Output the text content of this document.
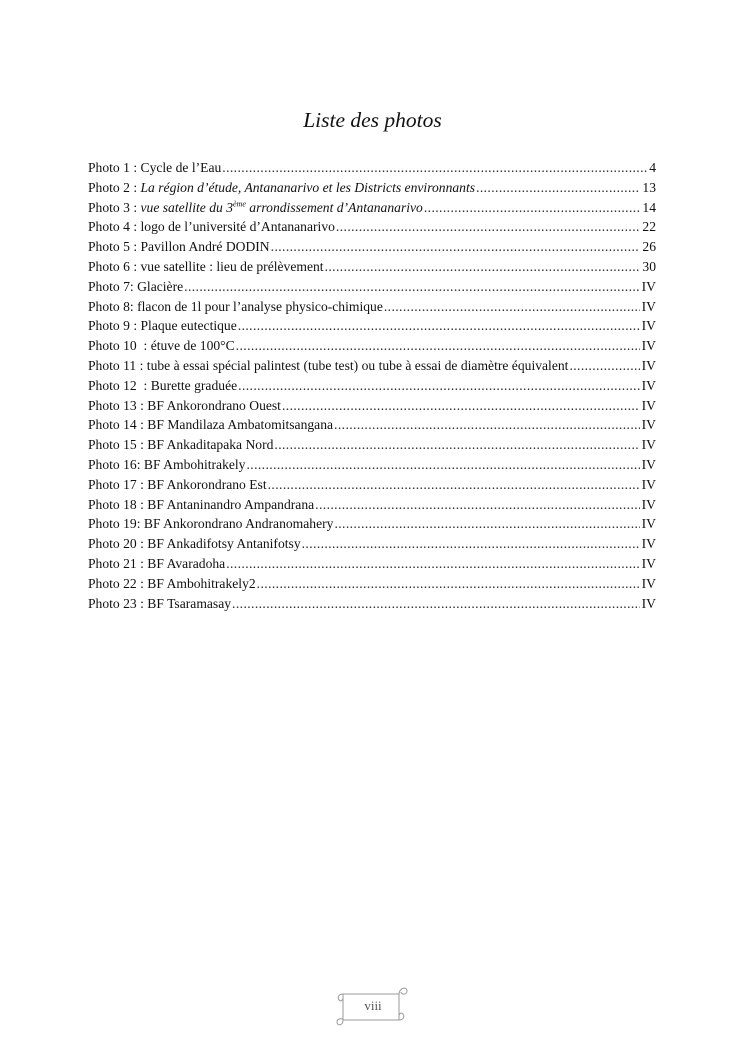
Liste des photos
Photo 1 : Cycle de l’Eau .....	4
Photo 2 : La région d’étude, Antananarivo et les Districts environnants .....	13
Photo 3 : vue satellite du 3ème arrondissement d’Antananarivo .....	14
Photo 4 : logo de l’université d’Antananarivo .....	22
Photo 5 : Pavillon André DODIN .....	26
Photo 6 : vue satellite : lieu de prélèvement .....	30
Photo 7: Glacière .....	IV
Photo 8: flacon de 1l pour l’analyse physico-chimique .....	IV
Photo 9 : Plaque eutectique .....	IV
Photo 10  : étuve de 100°C .....	IV
Photo 11 : tube à essai spécial palintest (tube test) ou tube à essai de diamètre équivalent .....	IV
Photo 12  : Burette graduée .....	IV
Photo 13 : BF Ankorondrano Ouest .....	IV
Photo 14 : BF Mandilaza Ambatomitsangana .....	IV
Photo 15 : BF Ankaditapaka Nord .....	IV
Photo 16: BF Ambohitrakely .....	IV
Photo 17 : BF Ankorondrano Est .....	IV
Photo 18 : BF Antaninandro Ampandrana .....	IV
Photo 19: BF Ankorondrano Andranomahery .....	IV
Photo 20 : BF Ankadifotsy Antanifotsy .....	IV
Photo 21 : BF Avaradoha .....	IV
Photo 22 : BF Ambohitrakely2 .....	IV
Photo 23 : BF Tsaramasay .....	IV
viii
